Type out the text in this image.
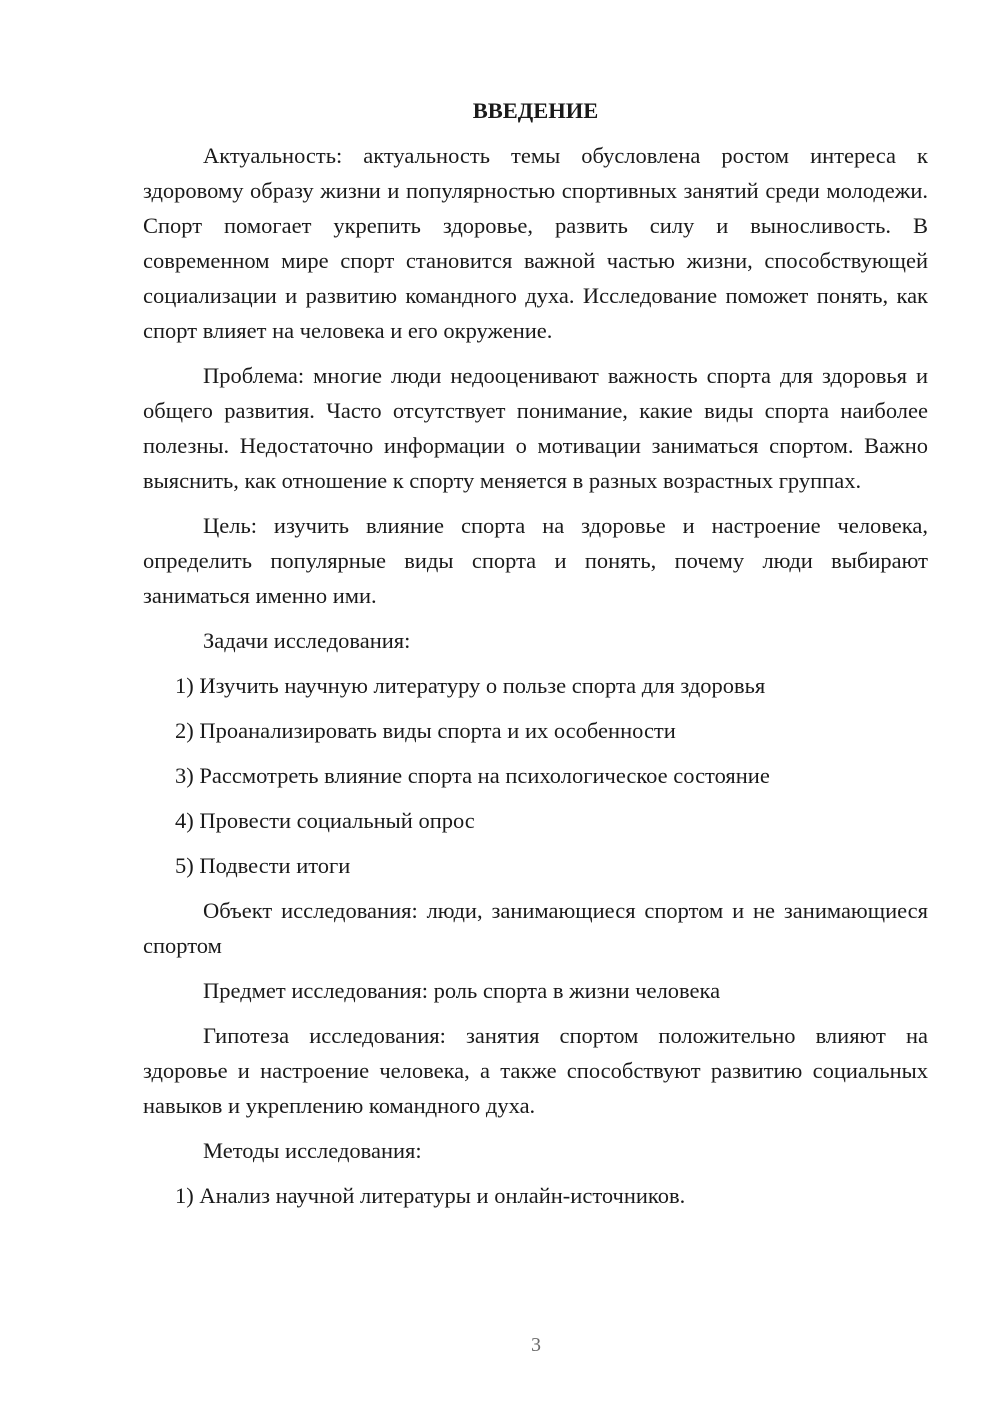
ВВЕДЕНИЕ

Актуальность: актуальность темы обусловлена ростом интереса к здоровому образу жизни и популярностью спортивных занятий среди молодежи. Спорт помогает укрепить здоровье, развить силу и выносливость. В современном мире спорт становится важной частью жизни, способствующей социализации и развитию командного духа. Исследование поможет понять, как спорт влияет на человека и его окружение.

Проблема: многие люди недооценивают важность спорта для здоровья и общего развития. Часто отсутствует понимание, какие виды спорта наиболее полезны. Недостаточно информации о мотивации заниматься спортом. Важно выяснить, как отношение к спорту меняется в разных возрастных группах.

Цель: изучить влияние спорта на здоровье и настроение человека, определить популярные виды спорта и понять, почему люди выбирают заниматься именно ими.

Задачи исследования:

1) Изучить научную литературу о пользе спорта для здоровья
2) Проанализировать виды спорта и их особенности
3) Рассмотреть влияние спорта на психологическое состояние
4) Провести социальный опрос
5) Подвести итоги

Объект исследования: люди, занимающиеся спортом и не занимающиеся спортом

Предмет исследования: роль спорта в жизни человека

Гипотеза исследования: занятия спортом положительно влияют на здоровье и настроение человека, а также способствуют развитию социальных навыков и укреплению командного духа.

Методы исследования:

1) Анализ научной литературы и онлайн-источников.
3
